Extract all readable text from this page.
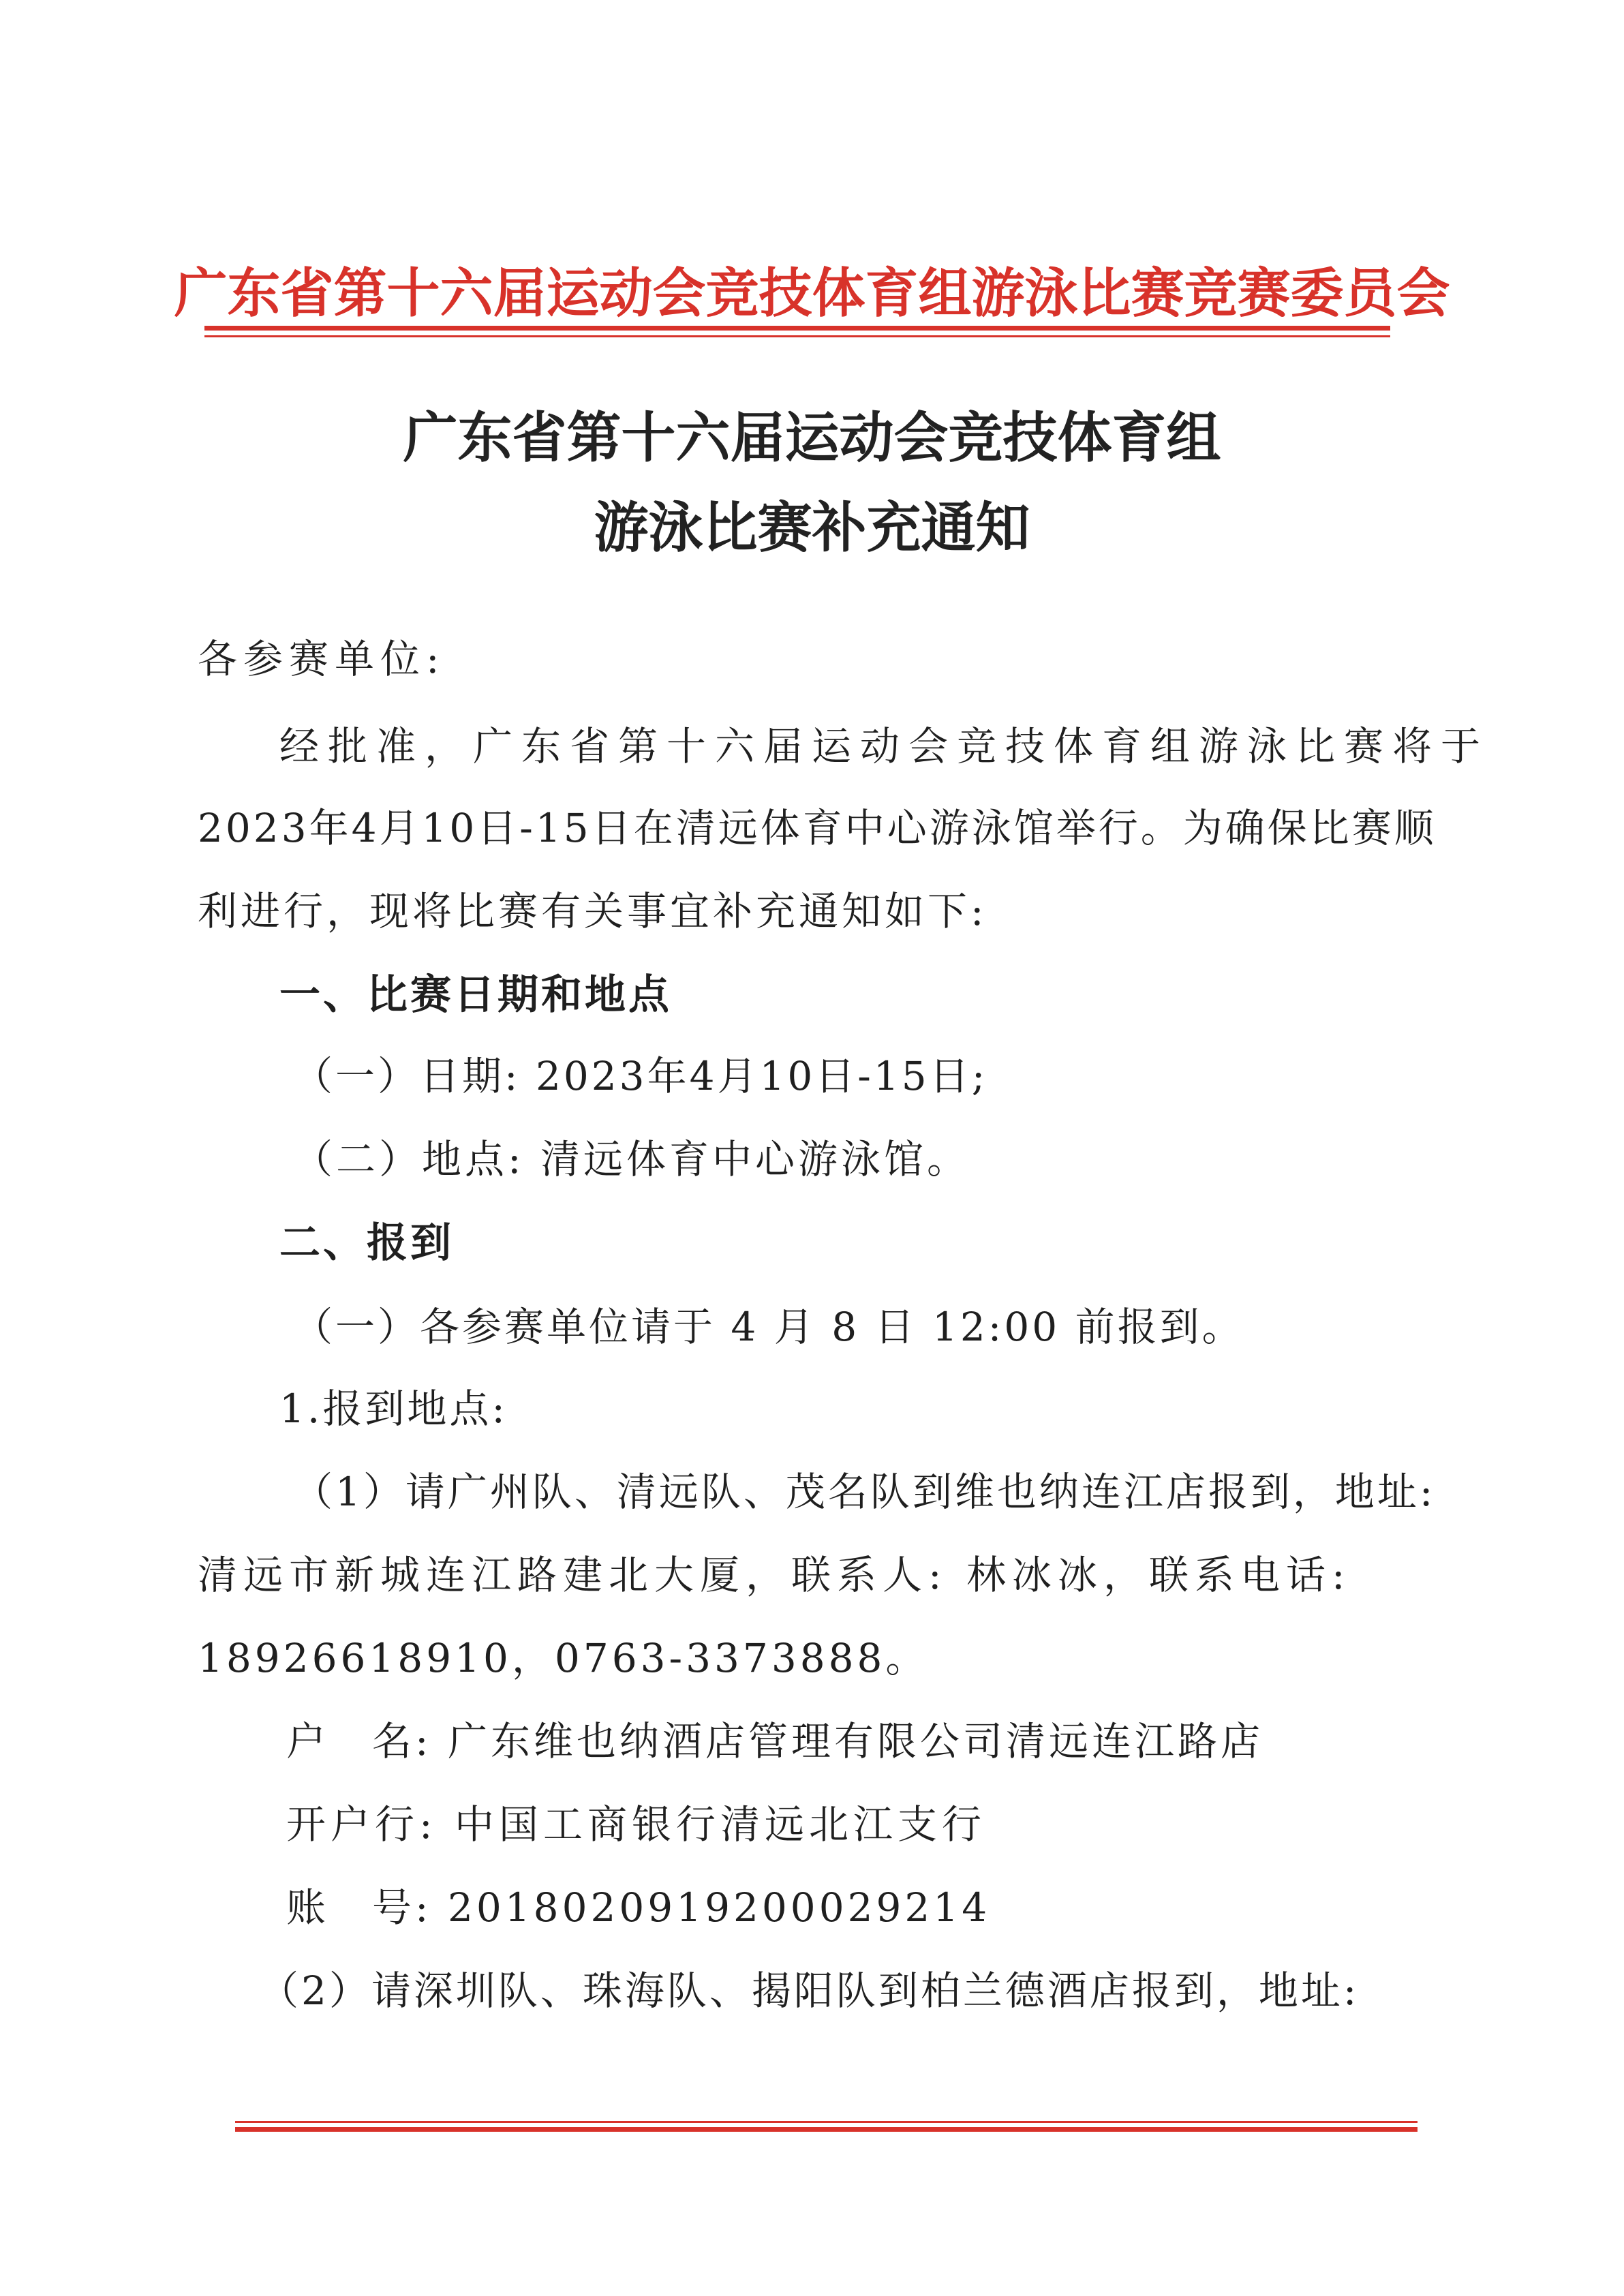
广东省第十六届运动会竞技体育组游泳比赛竞赛委员会
广东省第十六届运动会竞技体育组
游泳比赛补充通知
各参赛单位:
经批准，广东省第十六届运动会竞技体育组游泳比赛将于
2023年4月10日-15日在清远体育中心游泳馆举行。为确保比赛顺
利进行，现将比赛有关事宜补充通知如下:
一、比赛日期和地点
（一）日期: 2023年4月10日-15日;
（二）地点: 清远体育中心游泳馆。
二、报到
（一）各参赛单位请于 4 月 8 日 12:00 前报到。
1.报到地点:
（1）请广州队、清远队、茂名队到维也纳连江店报到，地址:
清远市新城连江路建北大厦，联系人: 林冰冰，联系电话:
18926618910，0763-3373888。
户　名: 广东维也纳酒店管理有限公司清远连江路店
开户行: 中国工商银行清远北江支行
账　号: 2018020919200029214
（2）请深圳队、珠海队、揭阳队到柏兰德酒店报到，地址:
